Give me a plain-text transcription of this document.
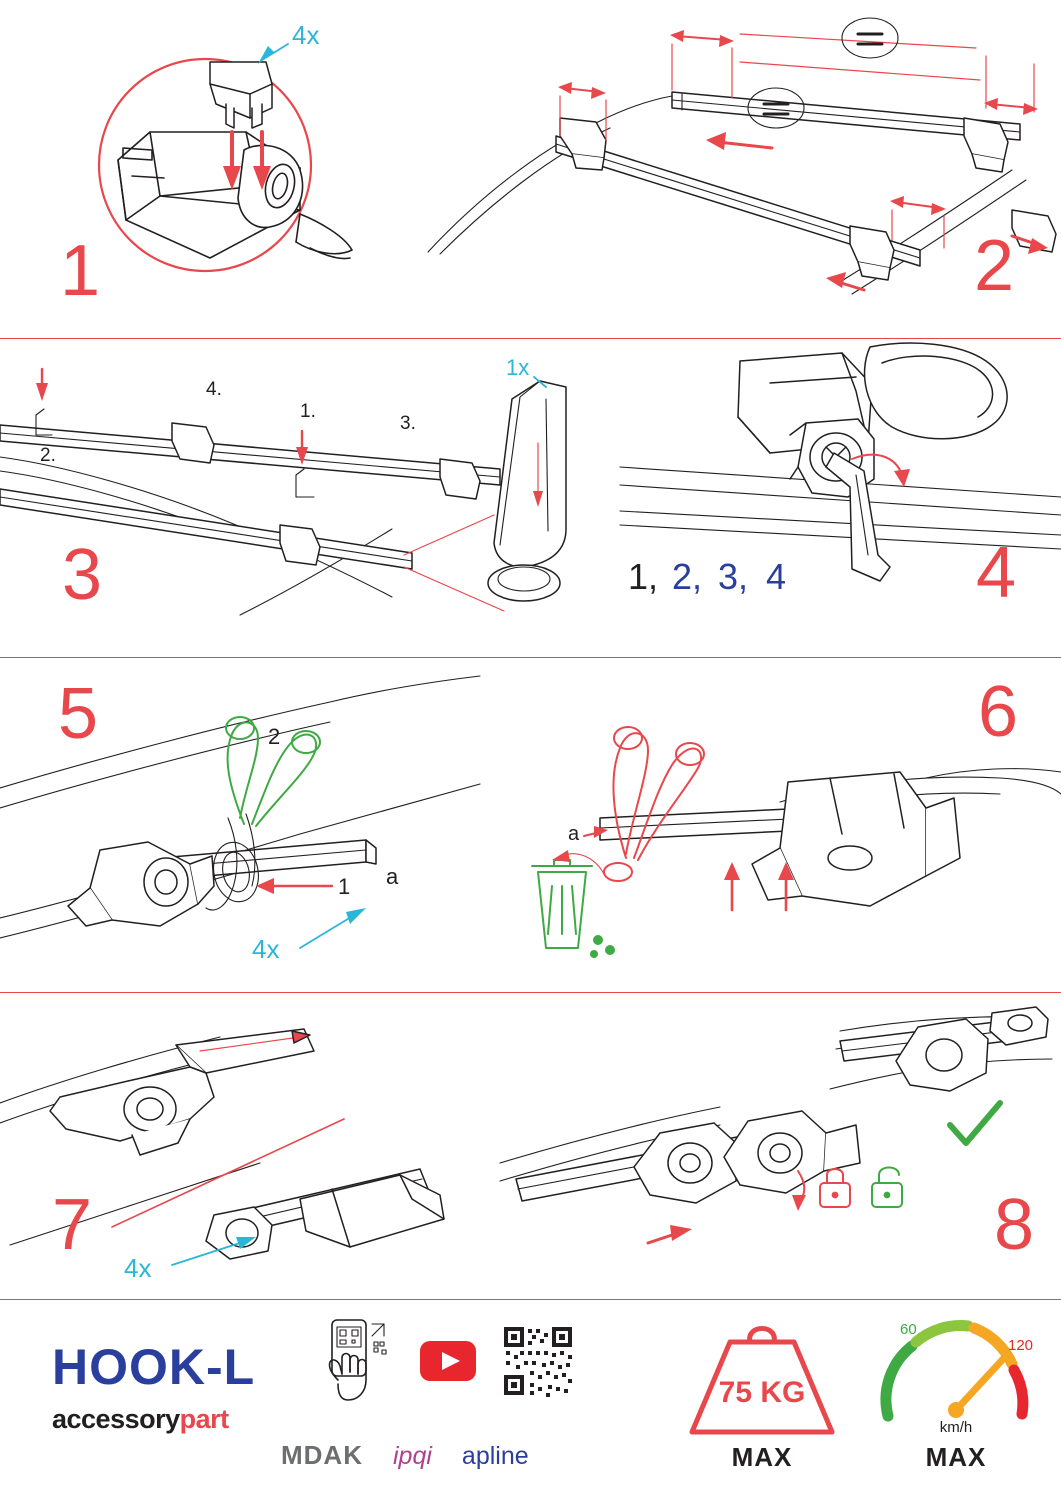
4x
1	2
1x
1.
2.
3.
4.
3	1, 2, 3, 4	4
1
2
a
4x
5
a
6
4x
7	8
HOOK-L
accessorypart
MDAK ipqi apline
75 KG
MAX
60
120
km/h
MAX
